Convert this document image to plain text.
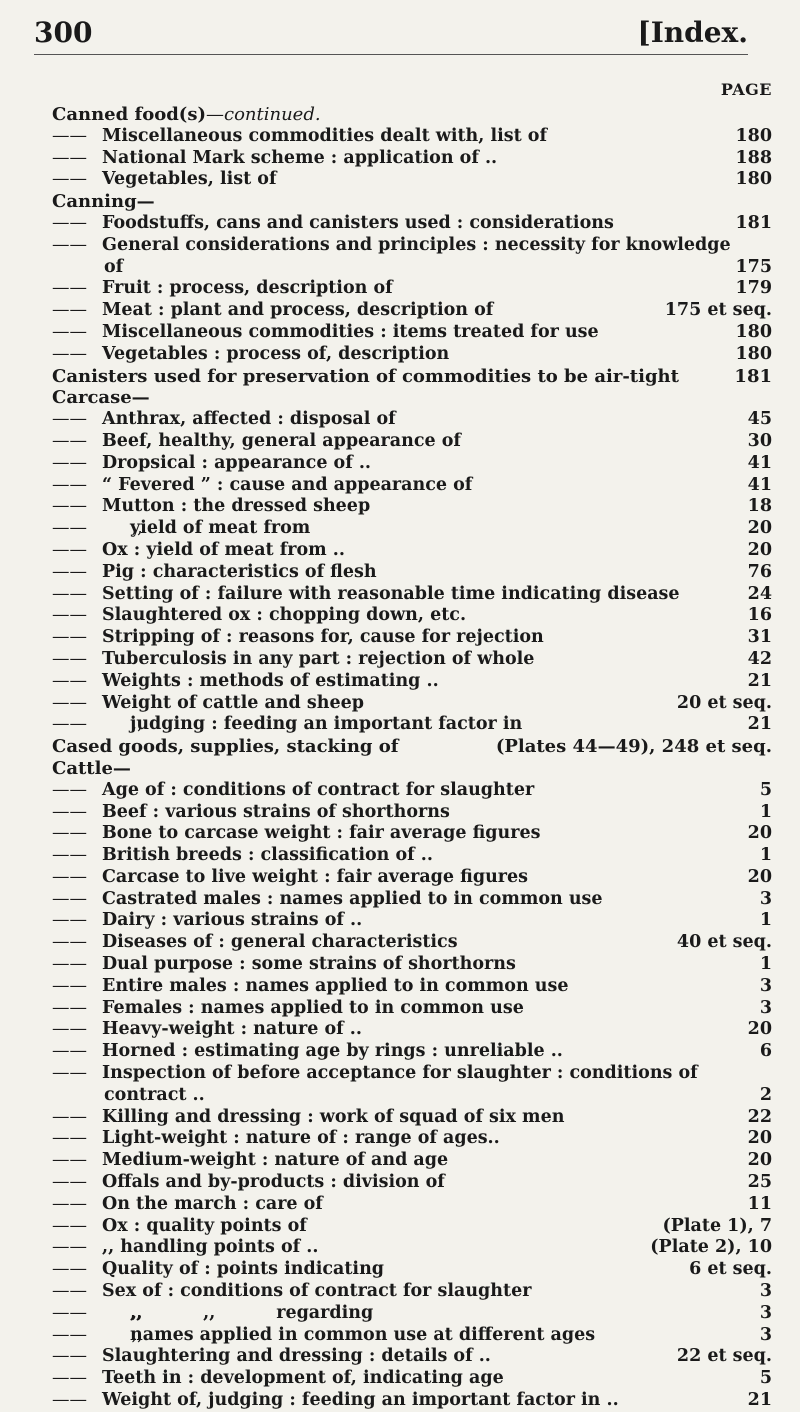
300	[Index.
PAGE
Canned food(s)—continued.
—— Miscellaneous commodities dealt with, list of	180
—— National Mark scheme : application of ..	188
—— Vegetables, list of	180
Canning—
—— Foodstuffs, cans and canisters used : considerations	181
—— General considerations and principles : necessity for knowledge
of	175
—— Fruit : process, description of	179
—— Meat : plant and process, description of	175 et seq.
—— Miscellaneous commodities : items treated for use	180
—— Vegetables : process of, description	180
Canisters used for preservation of commodities to be air-tight	181
Carcase—
—— Anthrax, affected : disposal of	45
—— Beef, healthy, general appearance of	30
—— Dropsical : appearance of ..	41
—— “ Fevered ” : cause and appearance of	41
—— Mutton : the dressed sheep	18
——        ,,yield of meat from	20
—— Ox : yield of meat from ..	20
—— Pig : characteristics of flesh	76
—— Setting of : failure with reasonable time indicating disease	24
—— Slaughtered ox : chopping down, etc.	16
—— Stripping of : reasons for, cause for rejection	31
—— Tuberculosis in any part : rejection of whole	42
—— Weights : methods of estimating ..	21
—— Weight of cattle and sheep	20 et seq.
——        ,,judging : feeding an important factor in	21
Cased goods, supplies, stacking of	(Plates 44—49), 248 et seq.
Cattle—
—— Age of : conditions of contract for slaughter	5
—— Beef : various strains of shorthorns	1
—— Bone to carcase weight : fair average figures	20
—— British breeds : classification of ..	1
—— Carcase to live weight : fair average figures	20
—— Castrated males : names applied to in common use	3
—— Dairy : various strains of ..	1
—— Diseases of : general characteristics	40 et seq.
—— Dual purpose : some strains of shorthorns	1
—— Entire males : names applied to in common use	3
—— Females : names applied to in common use	3
—— Heavy-weight : nature of ..	20
—— Horned : estimating age by rings : unreliable ..	6
—— Inspection of before acceptance for slaughter : conditions of
contract ..	2
—— Killing and dressing : work of squad of six men	22
—— Light-weight : nature of : range of ages..	20
—— Medium-weight : nature of and age	20
—— Offals and by-products : division of	25
—— On the march : care of	11
—— Ox : quality points of	(Plate 1), 7
—— ,, handling points of ..	(Plate 2), 10
—— Quality of : points indicating	6 et seq.
—— Sex of : conditions of contract for slaughter	3
——        ,,,,          ,,          regarding	3
——        ,,names applied in common use at different ages	3
—— Slaughtering and dressing : details of ..	22 et seq.
—— Teeth in : development of, indicating age	5
—— Weight of, judging : feeding an important factor in ..	21
